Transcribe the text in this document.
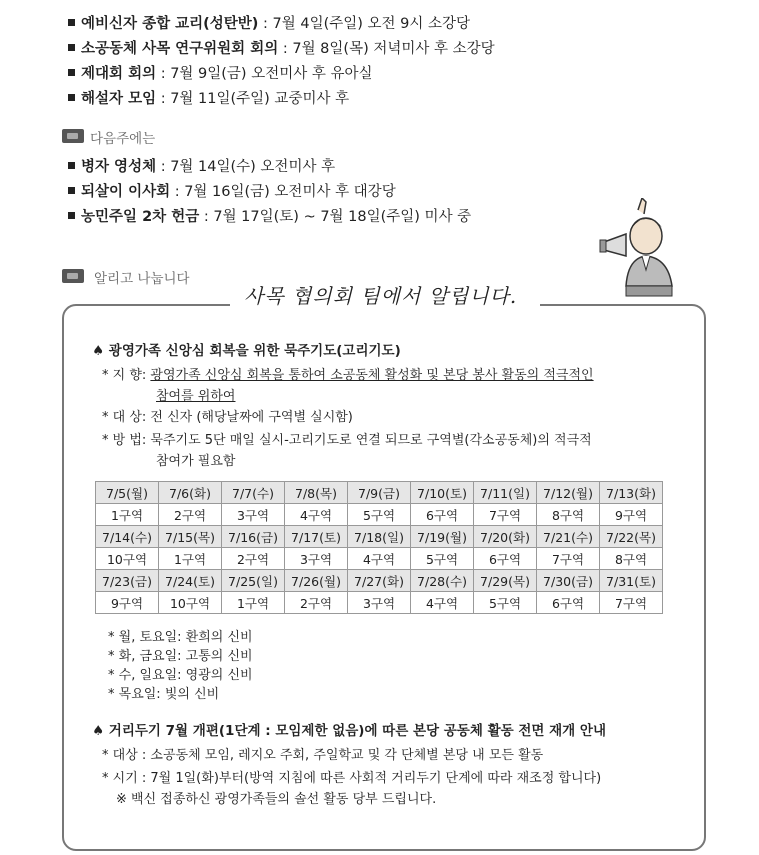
예비신자 종합 교리(성탄반) : 7월 4일(주일) 오전 9시 소강당
소공동체 사목 연구위원회 회의 : 7월 8일(목) 저녁미사 후 소강당
제대회 회의 : 7월 9일(금) 오전미사 후 유아실
해설자 모임 : 7월 11일(주일) 교중미사 후
다음주에는
병자 영성체 : 7월 14일(수) 오전미사 후
되살이 이사회 : 7월 16일(금) 오전미사 후 대강당
농민주일 2차 헌금 : 7월 17일(토) ~ 7월 18일(주일) 미사 중
알리고 나눕니다
사목 협의회 팀에서 알립니다.
♠ 광영가족 신앙심 회복을 위한 묵주기도(고리기도)
* 지 향: 광영가족 신앙심 회복을 통하여 소공동체 활성화 및 본당 봉사 활동의 적극적인
참여를 위하여
* 대 상: 전 신자 (해당날짜에 구역별 실시함)
* 방 법: 묵주기도 5단 매일 실시-고리기도로 연결 되므로 구역별(각소공동체)의 적극적
참여가 필요함
7/5(월)	7/6(화)	7/7(수)	7/8(목)	7/9(금)	7/10(토)	7/11(일)	7/12(월)	7/13(화)
1구역	2구역	3구역	4구역	5구역	6구역	7구역	8구역	9구역
7/14(수)	7/15(목)	7/16(금)	7/17(토)	7/18(일)	7/19(월)	7/20(화)	7/21(수)	7/22(목)
10구역	1구역	2구역	3구역	4구역	5구역	6구역	7구역	8구역
7/23(금)	7/24(토)	7/25(일)	7/26(월)	7/27(화)	7/28(수)	7/29(목)	7/30(금)	7/31(토)
9구역	10구역	1구역	2구역	3구역	4구역	5구역	6구역	7구역
* 월, 토요일: 환희의 신비
* 화, 금요일: 고통의 신비
* 수, 일요일: 영광의 신비
* 목요일: 빛의 신비
♠ 거리두기 7월 개편(1단계 : 모임제한 없음)에 따른 본당 공동체 활동 전면 재개 안내
* 대상 : 소공동체 모임, 레지오 주회, 주일학교 및 각 단체별 본당 내 모든 활동
* 시기 : 7월 1일(화)부터(방역 지침에 따른 사회적 거리두기 단계에 따라 재조정 합니다)
※ 백신 접종하신 광영가족들의 솔선 활동 당부 드립니다.
